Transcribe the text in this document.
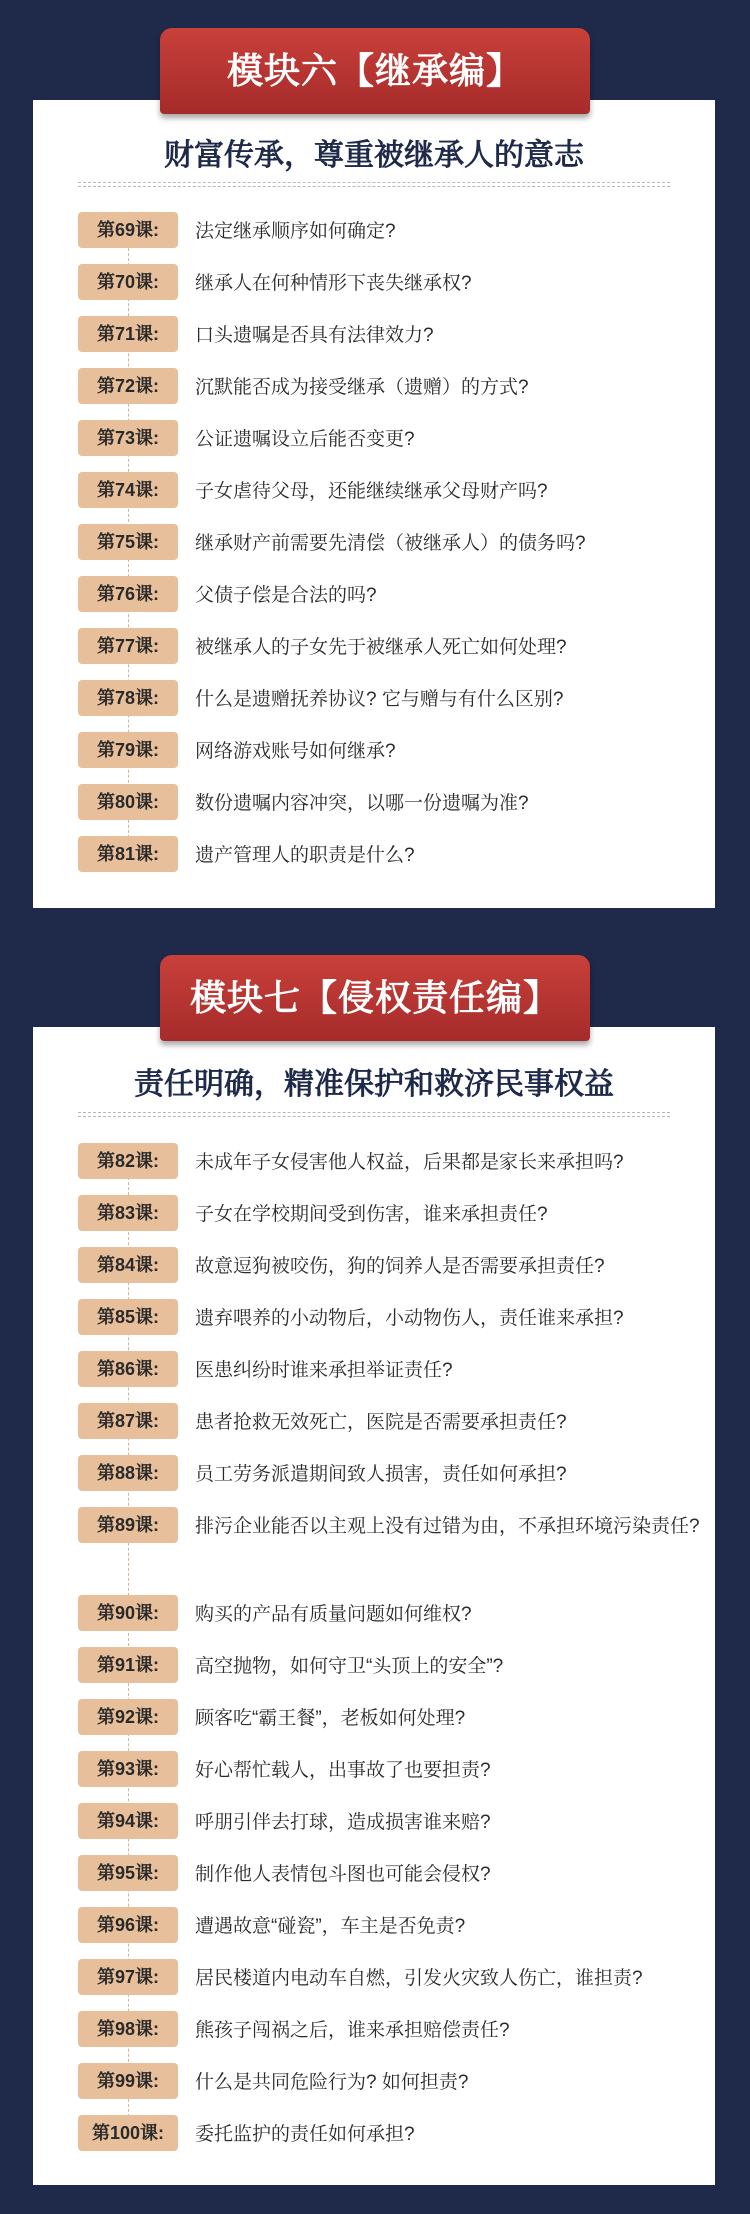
模块六【继承编】
财富传承，尊重被继承人的意志
第69课:	法定继承顺序如何确定?
第70课:	继承人在何种情形下丧失继承权?
第71课:	口头遗嘱是否具有法律效力?
第72课:	沉默能否成为接受继承（遗赠）的方式?
第73课:	公证遗嘱设立后能否变更?
第74课:	子女虐待父母，还能继续继承父母财产吗?
第75课:	继承财产前需要先清偿（被继承人）的债务吗?
第76课:	父债子偿是合法的吗?
第77课:	被继承人的子女先于被继承人死亡如何处理?
第78课:	什么是遗赠抚养协议? 它与赠与有什么区别?
第79课:	网络游戏账号如何继承?
第80课:	数份遗嘱内容冲突，以哪一份遗嘱为准?
第81课:	遗产管理人的职责是什么?
模块七【侵权责任编】
责任明确，精准保护和救济民事权益
第82课:	未成年子女侵害他人权益，后果都是家长来承担吗?
第83课:	子女在学校期间受到伤害，谁来承担责任?
第84课:	故意逗狗被咬伤，狗的饲养人是否需要承担责任?
第85课:	遗弃喂养的小动物后，小动物伤人，责任谁来承担?
第86课:	医患纠纷时谁来承担举证责任?
第87课:	患者抢救无效死亡，医院是否需要承担责任?
第88课:	员工劳务派遣期间致人损害，责任如何承担?
第89课:	排污企业能否以主观上没有过错为由，不承担环境污染责任?
第90课:	购买的产品有质量问题如何维权?
第91课:	高空抛物，如何守卫“头顶上的安全”?
第92课:	顾客吃“霸王餐”，老板如何处理?
第93课:	好心帮忙载人，出事故了也要担责?
第94课:	呼朋引伴去打球，造成损害谁来赔?
第95课:	制作他人表情包斗图也可能会侵权?
第96课:	遭遇故意“碰瓷”，车主是否免责?
第97课:	居民楼道内电动车自燃，引发火灾致人伤亡，谁担责?
第98课:	熊孩子闯祸之后，谁来承担赔偿责任?
第99课:	什么是共同危险行为? 如何担责?
第100课:	委托监护的责任如何承担?
